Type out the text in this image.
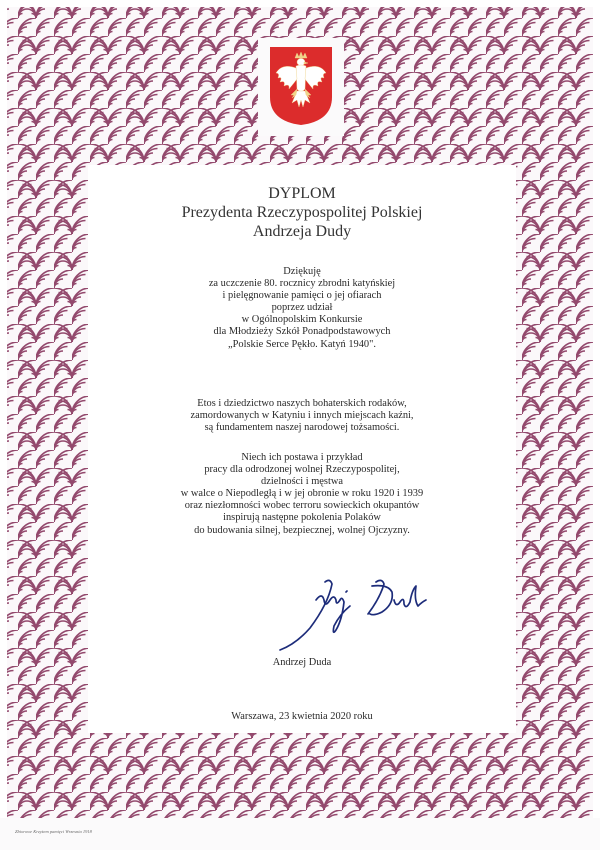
DYPLOM
Prezydenta Rzeczypospolitej Polskiej
Andrzeja Dudy
Dziękuję
za uczczenie 80. rocznicy zbrodni katyńskiej
i pielęgnowanie pamięci o jej ofiarach
poprzez udział
w Ogólnopolskim Konkursie
dla Młodzieży Szkół Ponadpodstawowych
„Polskie Serce Pękło. Katyń 1940".
Etos i dziedzictwo naszych bohaterskich rodaków,
zamordowanych w Katyniu i innych miejscach kaźni,
są fundamentem naszej narodowej tożsamości.
Niech ich postawa i przykład
pracy dla odrodzonej wolnej Rzeczypospolitej,
dzielności i męstwa
w walce o Niepodległą i w jej obronie w roku 1920 i 1939
oraz niezłomności wobec terroru sowieckich okupantów
inspirują następne pokolenia Polaków
do budowania silnej, bezpiecznej, wolnej Ojczyzny.
Andrzej Duda
Warszawa, 23 kwietnia 2020 roku
Zbiorowe Krzyżem pamięci Wrzesnia 1918
